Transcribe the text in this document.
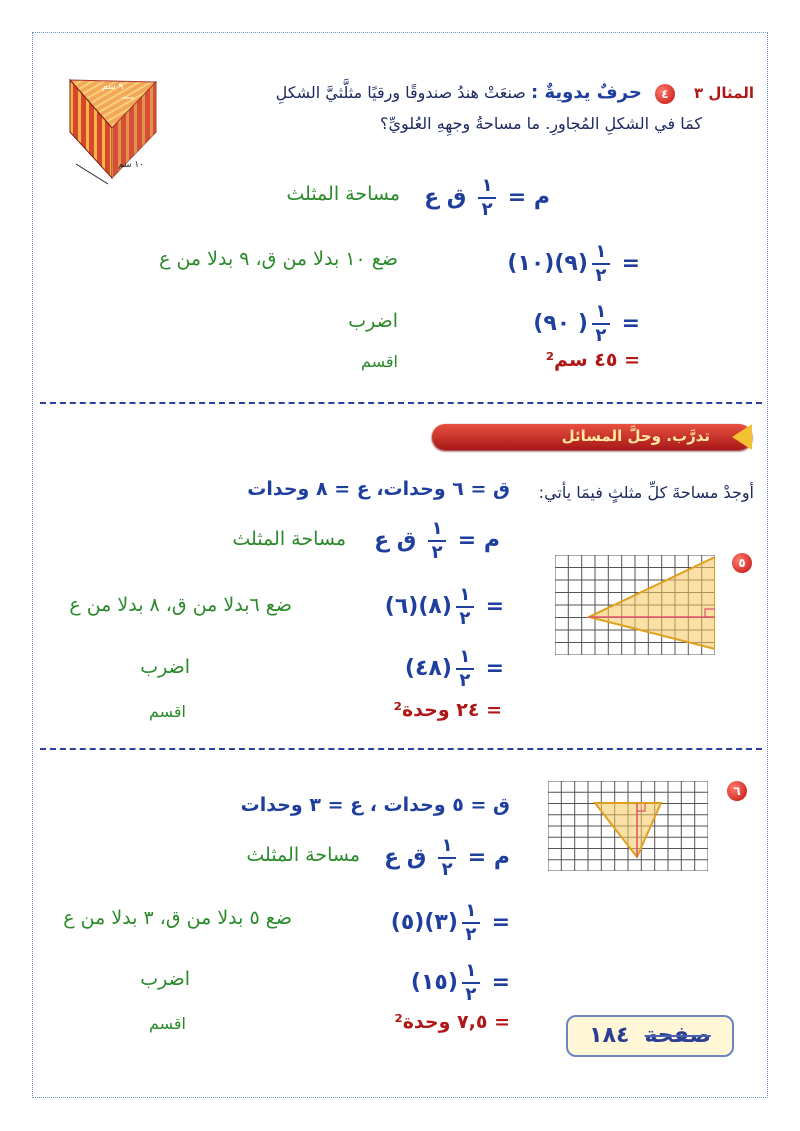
المثال ٣ ٤ حرفٌ يدويةٌ : صنعَتْ هندُ صندوقًا ورقيًا مثلَّثيَّ الشكلِ
كمَا في الشكلِ المُجاورِ. ما مساحةُ وجهِهِ العُلويِّ؟
٩ سم
١٠ سم
م =
$\frac{١}{٢}$
ق ع
مساحة المثلث
=
$\frac{١}{٢}$
(١٠)(٩)
ضع ١٠ بدلا من ق، ٩ بدلا من ع
=
$\frac{١}{٢}$
(٩٠ )
اضرب
= ٤٥ سم²
اقسم
تدرَّب. وحلَّ المسائل
أوجدْ مساحةَ كلِّ مثلثٍ فيمَا يأتي:
٥
ق = ٦ وحدات، ع = ٨ وحدات
م =
$\frac{١}{٢}$
ق ع
مساحة المثلث
=
$\frac{١}{٢}$
(٦)(٨)
ضع ٦بدلا من ق، ٨ بدلا من ع
=
$\frac{١}{٢}$
(٤٨)
اضرب
= ٢٤ وحدة²
اقسم
٦
ق = ٥ وحدات ، ع = ٣ وحدات
م =
$\frac{١}{٢}$
ق ع
مساحة المثلث
=
$\frac{١}{٢}$
(٥)(٣)
ضع ٥ بدلا من ق، ٣ بدلا من ع
=
$\frac{١}{٢}$
(١٥)
اضرب
= ٧,٥ وحدة²
اقسم	صفحة ١٨٤
